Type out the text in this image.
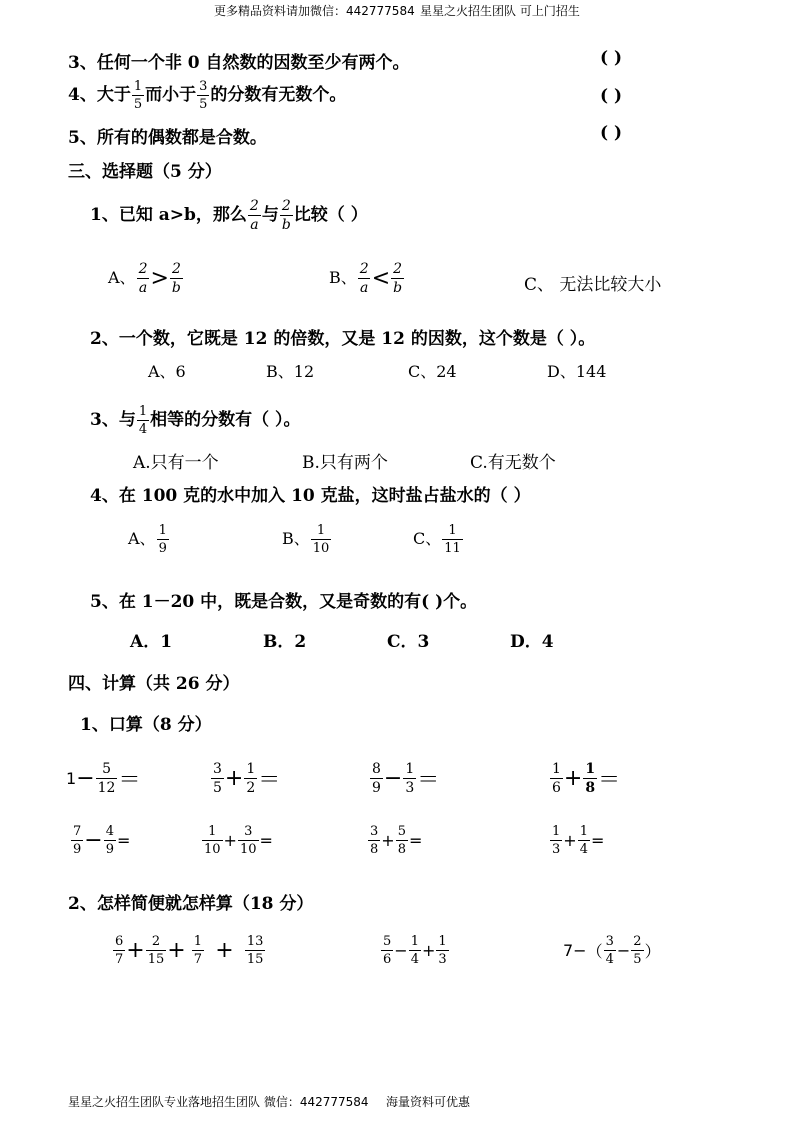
更多精品资料请加微信：442777584 星星之火招生团队 可上门招生
3、任何一个非 0 自然数的因数至少有两个。	( )
4、大于 $\frac{1}{5}$ 而小于 $\frac{3}{5}$ 的分数有无数个。	( )
5、所有的偶数都是合数。	( )
三、选择题（5 分）
1、已知 a>b，那么 $\frac{2}{a}$ 与 $\frac{2}{b}$ 比较（ ）
A、 $\frac{2}{a} > \frac{2}{b}$	B、 $\frac{2}{a} < \frac{2}{b}$	C、 无法比较大小
2、一个数，它既是 12 的倍数，又是 12 的因数，这个数是（ ）。
A、6	B、12	C、24	D、144
3、与 $\frac{1}{4}$ 相等的分数有（ ）。
A.只有一个	B.只有两个	C.有无数个
4、在 100 克的水中加入 10 克盐，这时盐占盐水的（ ）
A、 $\frac{1}{9}$	B、 $\frac{1}{10}$	C、 $\frac{1}{11}$
5、在 1－20 中，既是合数，又是奇数的有( )个。
A．1	B．2	C．3	D．4
四、计算（共 26 分）
1、口算（8 分）
$1- \frac{5}{12}$ ＝	$\frac{3}{5} + \frac{1}{2}$ ＝	$\frac{8}{9} - \frac{1}{3}$ ＝	$\frac{1}{6} + \frac{1}{8}$ ＝
$\frac{7}{9} - \frac{4}{9}$ =	$\frac{1}{10} + \frac{3}{10}$ =	$\frac{3}{8} + \frac{5}{8}$ =	$\frac{1}{3} + \frac{1}{4}$ =
2、怎样简便就怎样算（18 分）
$\frac{6}{7} + \frac{2}{15} + \frac{1}{7} + \frac{13}{15}$	$\frac{5}{6} - \frac{1}{4} + \frac{1}{3}$	$7-( \frac{3}{4} - \frac{2}{5}$ ）
星星之火招生团队专业落地招生团队 微信：442777584 海量资料可优惠
